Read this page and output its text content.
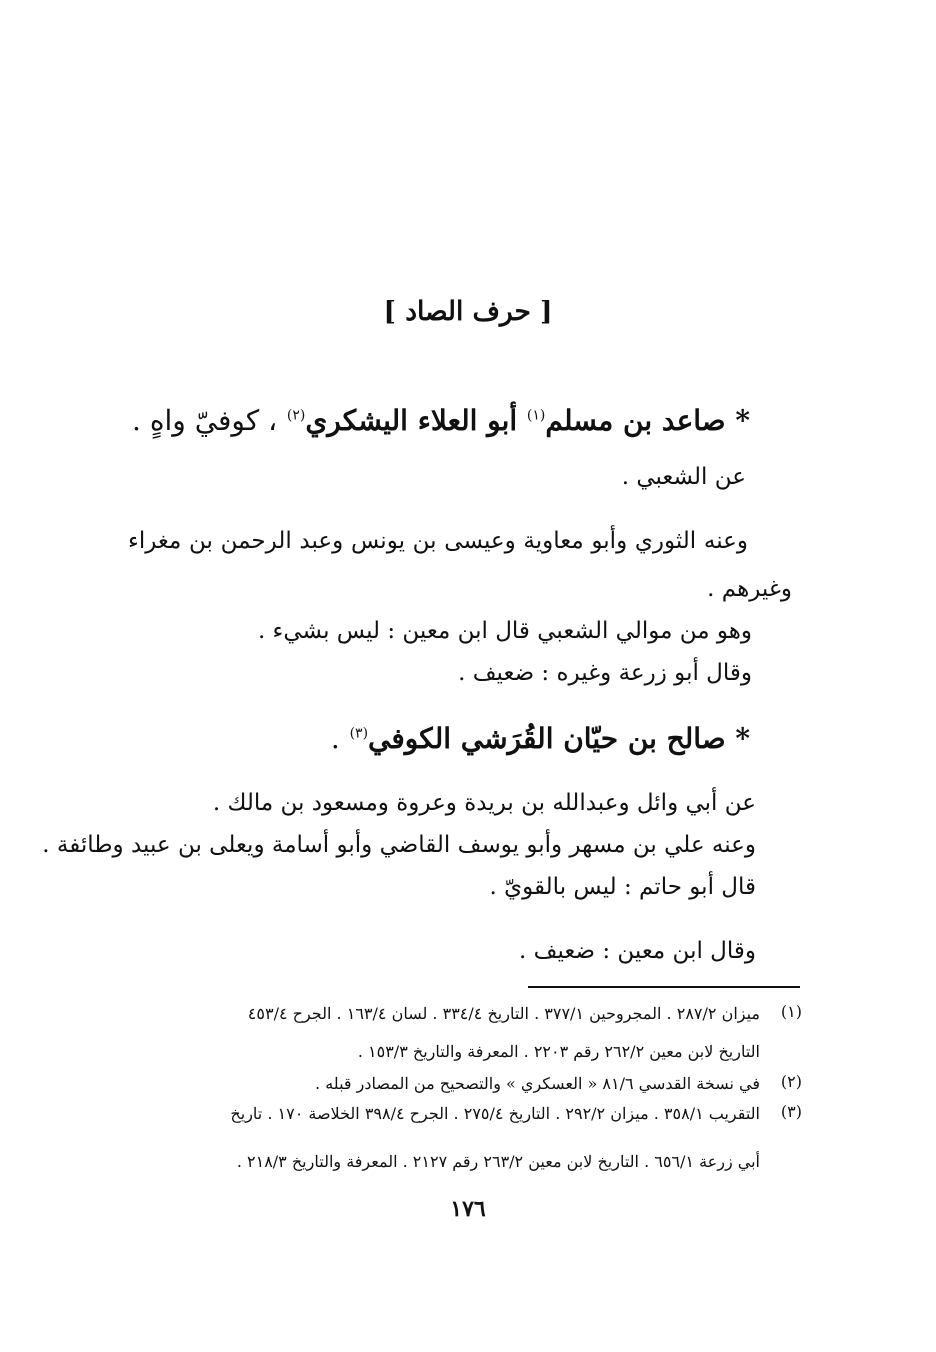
[ حرف الصاد ]
* صاعد بن مسلم$^{(١)}$ أبو العلاء اليشكري$^{(٢)}$ ، كوفيّ واهٍ .
عن الشعبي .
وعنه الثوري وأبو معاوية وعيسى بن يونس وعبد الرحمن بن مغراء
وغيرهم .
وهو من موالي الشعبي قال ابن معين : ليس بشيء .
وقال أبو زرعة وغيره : ضعيف .
* صالح بن حيّان القُرَشي الكوفي$^{(٣)}$ .
عن أبي وائل وعبدالله بن بريدة وعروة ومسعود بن مالك .
وعنه علي بن مسهر وأبو يوسف القاضي وأبو أسامة ويعلى بن عبيد وطائفة .
قال أبو حاتم : ليس بالقويّ .
وقال ابن معين : ضعيف .
(١)
ميزان ٢٨٧/٢ . المجروحين ٣٧٧/١ . التاريخ ٣٣٤/٤ . لسان ١٦٣/٤ . الجرح ٤٥٣/٤
التاريخ لابن معين ٢٦٢/٢ رقم ٢٢٠٣ . المعرفة والتاريخ ١٥٣/٣ .
(٢)
في نسخة القدسي ٨١/٦ « العسكري » والتصحيح من المصادر قبله .
(٣)
التقريب ٣٥٨/١ . ميزان ٢٩٢/٢ . التاريخ ٢٧٥/٤ . الجرح ٣٩٨/٤ الخلاصة ١٧٠ . تاريخ
أبي زرعة ٦٥٦/١ . التاريخ لابن معين ٢٦٣/٢ رقم ٢١٢٧ . المعرفة والتاريخ ٢١٨/٣ .
١٧٦
